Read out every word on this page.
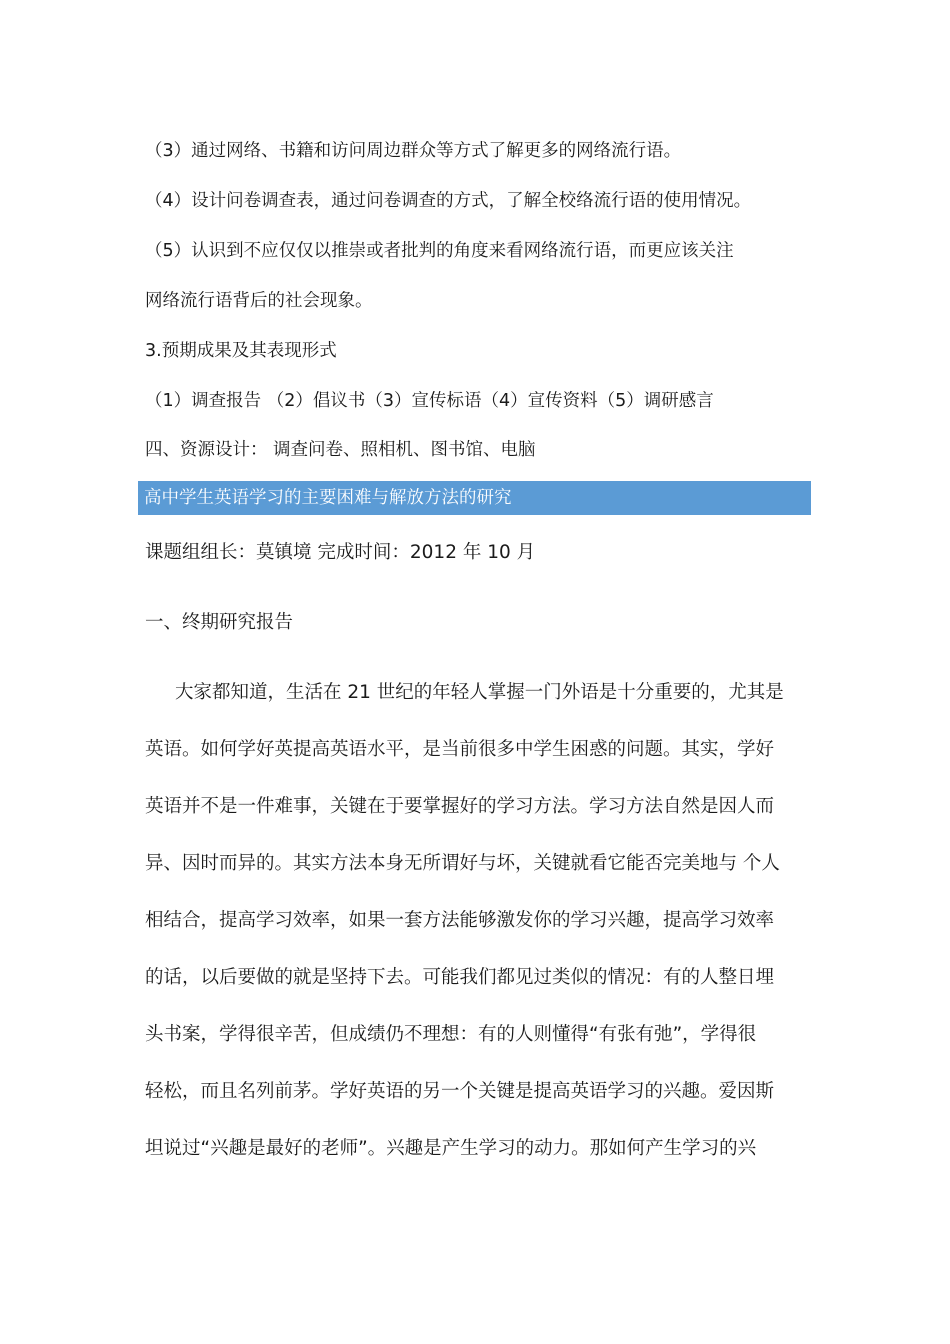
（3）通过网络、书籍和访问周边群众等方式了解更多的网络流行语。
（4）设计问卷调查表，通过问卷调查的方式，了解全校络流行语的使用情况。
（5）认识到不应仅仅以推崇或者批判的角度来看网络流行语，而更应该关注
网络流行语背后的社会现象。
3.预期成果及其表现形式
（1）调查报告 （2）倡议书（3）宣传标语（4）宣传资料（5）调研感言
四、资源设计： 调查问卷、照相机、图书馆、电脑
高中学生英语学习的主要困难与解放方法的研究
课题组组长：莫镇境 完成时间：2012 年 10 月
一、终期研究报告
大家都知道，生活在 21 世纪的年轻人掌握一门外语是十分重要的，尤其是
英语。如何学好英提高英语水平，是当前很多中学生困惑的问题。其实，学好
英语并不是一件难事，关键在于要掌握好的学习方法。学习方法自然是因人而
异、因时而异的。其实方法本身无所谓好与坏，关键就看它能否完美地与 个人
相结合，提高学习效率，如果一套方法能够激发你的学习兴趣，提高学习效率
的话，以后要做的就是坚持下去。可能我们都见过类似的情况：有的人整日埋
头书案，学得很辛苦，但成绩仍不理想：有的人则懂得“有张有弛”，学得很
轻松，而且名列前茅。学好英语的另一个关键是提高英语学习的兴趣。爱因斯
坦说过“兴趣是最好的老师”。兴趣是产生学习的动力。那如何产生学习的兴
